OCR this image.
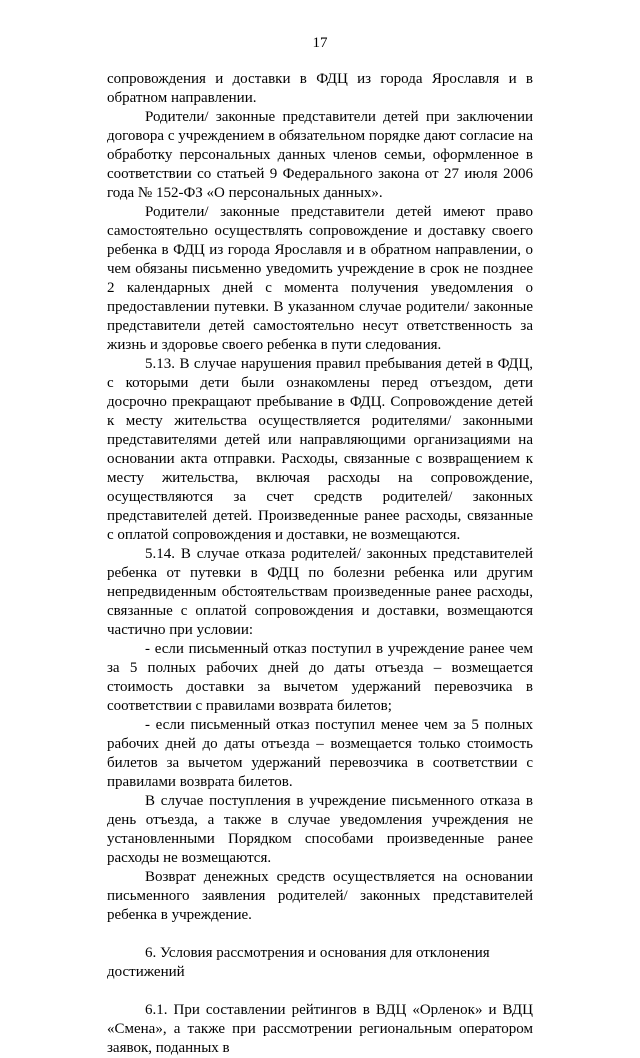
17

сопровождения и доставки в ФДЦ из города Ярославля и в обратном направлении.

Родители/ законные представители детей при заключении договора с учреждением в обязательном порядке дают согласие на обработку персональных данных членов семьи, оформленное в соответствии со статьей 9 Федерального закона от 27 июля 2006 года № 152-ФЗ «О персональных данных».

Родители/ законные представители детей имеют право самостоятельно осуществлять сопровождение и доставку своего ребенка в ФДЦ из города Ярославля и в обратном направлении, о чем обязаны письменно уведомить учреждение в срок не позднее 2 календарных дней с момента получения уведомления о предоставлении путевки. В указанном случае родители/ законные представители детей самостоятельно несут ответственность за жизнь и здоровье своего ребенка в пути следования.

5.13. В случае нарушения правил пребывания детей в ФДЦ, с которыми дети были ознакомлены перед отъездом, дети досрочно прекращают пребывание в ФДЦ. Сопровождение детей к месту жительства осуществляется родителями/ законными представителями детей или направляющими организациями на основании акта отправки. Расходы, связанные с возвращением к месту жительства, включая расходы на сопровождение, осуществляются за счет средств родителей/ законных представителей детей. Произведенные ранее расходы, связанные с оплатой сопровождения и доставки, не возмещаются.

5.14. В случае отказа родителей/ законных представителей ребенка от путевки в ФДЦ по болезни ребенка или другим непредвиденным обстоятельствам произведенные ранее расходы, связанные с оплатой сопровождения и доставки, возмещаются частично при условии:

- если письменный отказ поступил в учреждение ранее чем за 5 полных рабочих дней до даты отъезда – возмещается стоимость доставки за вычетом удержаний перевозчика в соответствии с правилами возврата билетов;

- если письменный отказ поступил менее чем за 5 полных рабочих дней до даты отъезда – возмещается только стоимость билетов за вычетом удержаний перевозчика в соответствии с правилами возврата билетов.

В случае поступления в учреждение письменного отказа в день отъезда, а также в случае уведомления учреждения не установленными Порядком способами произведенные ранее расходы не возмещаются.

Возврат денежных средств осуществляется на основании письменного заявления родителей/ законных представителей ребенка в учреждение.

6. Условия рассмотрения и основания для отклонения достижений

6.1. При составлении рейтингов в ВДЦ «Орленок» и ВДЦ «Смена», а также при рассмотрении региональным оператором заявок, поданных в
